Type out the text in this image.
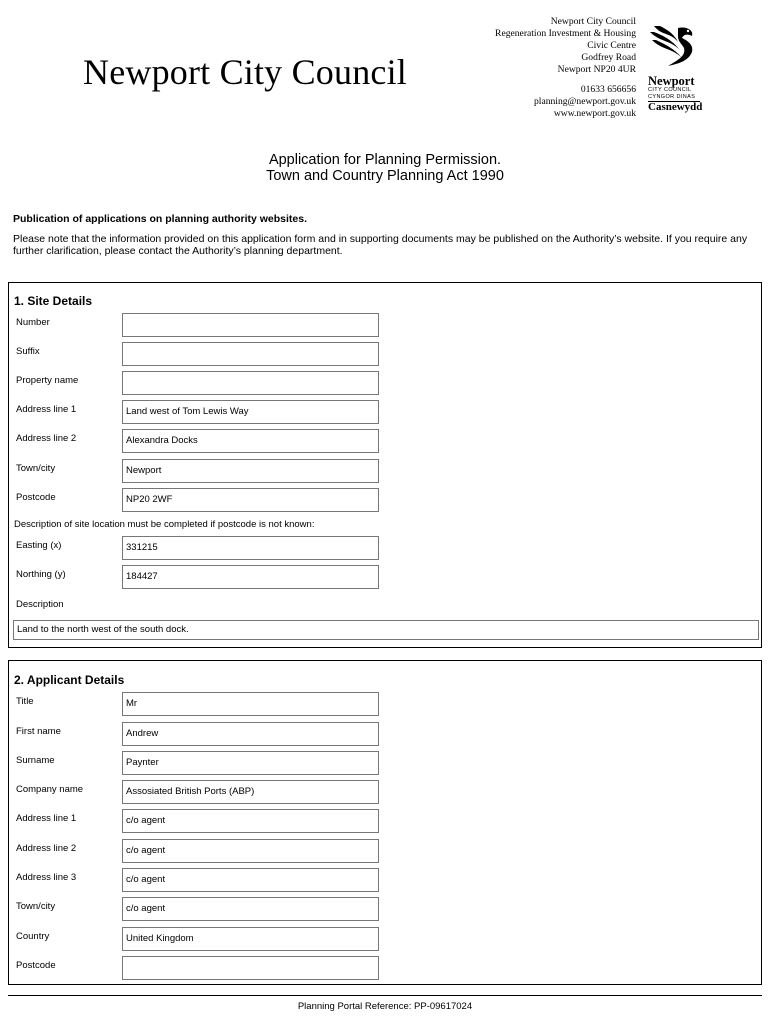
Newport City Council
Newport City Council
Regeneration Investment & Housing
Civic Centre
Godfrey Road
Newport NP20 4UR
01633 656656
planning@newport.gov.uk
www.newport.gov.uk
Newport
CITY COUNCIL
CYNGOR DINAS
Casnewydd
Application for Planning Permission.
Town and Country Planning Act 1990
Publication of applications on planning authority websites.
Please note that the information provided on this application form and in supporting documents may be published on the Authority’s website. If you require any further clarification, please contact the Authority’s planning department.
1. Site Details
Number
Suffix
Property name
Address line 1	Land west of Tom Lewis Way
Address line 2	Alexandra Docks
Town/city	Newport
Postcode	NP20 2WF
Description of site location must be completed if postcode is not known:
Easting (x)	331215
Northing (y)	184427
Description
Land to the north west of the south dock.
2. Applicant Details
Title	Mr
First name	Andrew
Surname	Paynter
Company name	Assosiated British Ports (ABP)
Address line 1	c/o agent
Address line 2	c/o agent
Address line 3	c/o agent
Town/city	c/o agent
Country	United Kingdom
Postcode
Planning Portal Reference: PP-09617024
